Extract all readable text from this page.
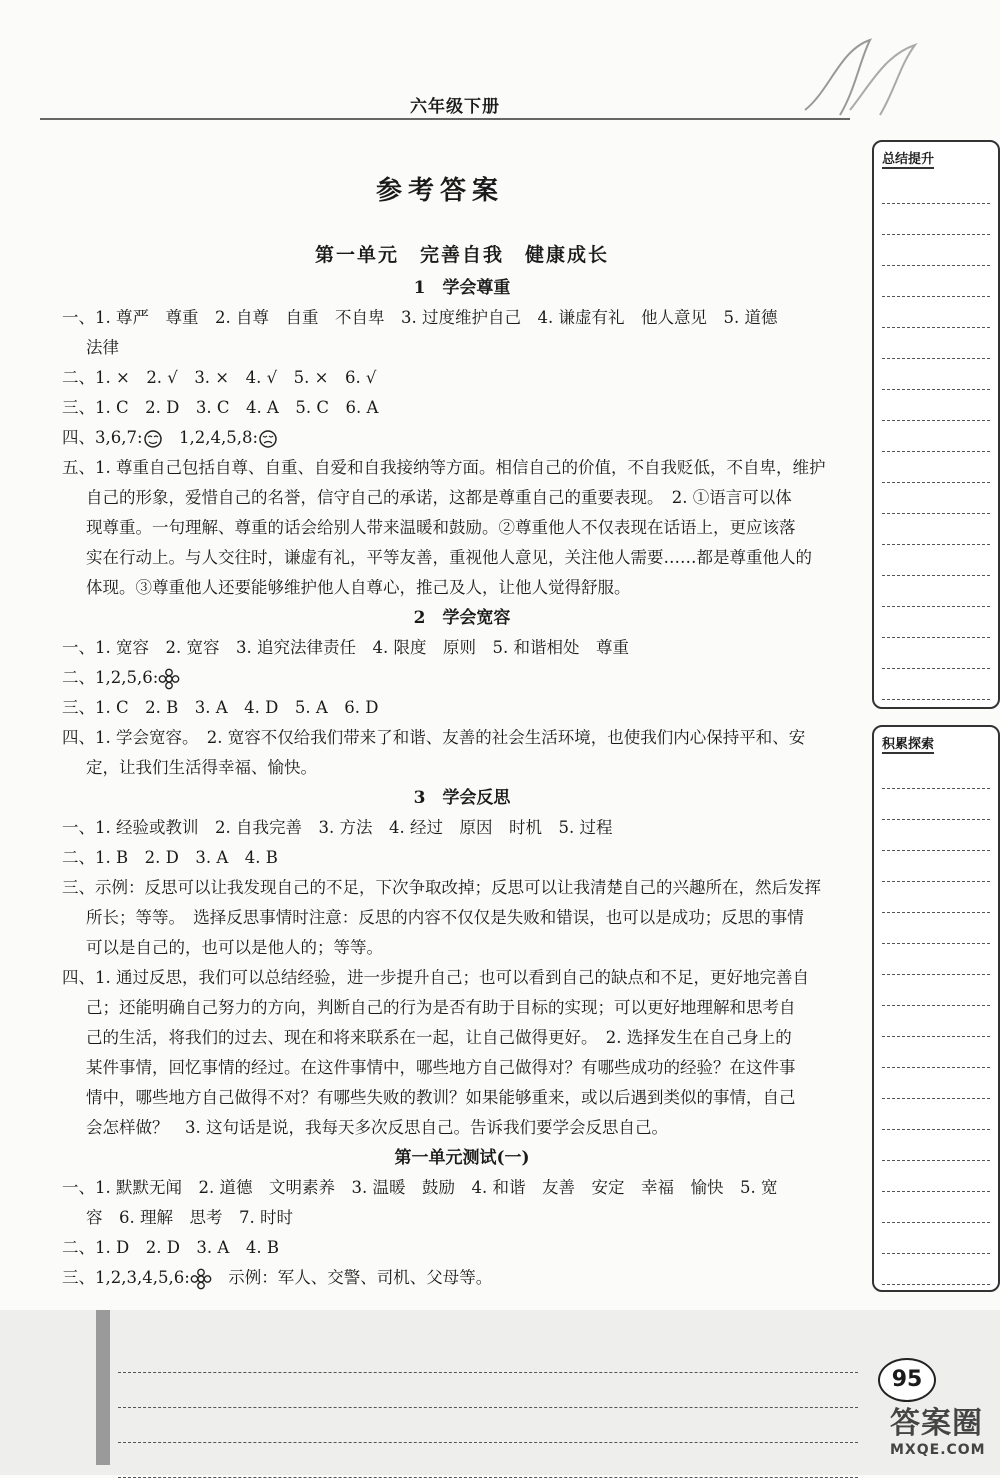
六年级下册
参考答案

第一单元　完善自我　健康成长

1　学会尊重

一、1. 尊严　尊重　2. 自尊　自重　不自卑　3. 过度维护自己　4. 谦虚有礼　他人意见　5. 道德

法律

二、1. ×　2. √　3. ×　4. √　5. ×　6. √

三、1. C　2. D　3. C　4. A　5. C　6. A

四、3,6,7:　1,2,4,5,8:

五、1. 尊重自己包括自尊、自重、自爱和自我接纳等方面。相信自己的价值，不自我贬低，不自卑，维护

自己的形象，爱惜自己的名誉，信守自己的承诺，这都是尊重自己的重要表现。　2. ①语言可以体

现尊重。一句理解、尊重的话会给别人带来温暖和鼓励。②尊重他人不仅表现在话语上，更应该落

实在行动上。与人交往时，谦虚有礼，平等友善，重视他人意见，关注他人需要……都是尊重他人的

体现。③尊重他人还要能够维护他人自尊心，推己及人，让他人觉得舒服。

2　学会宽容

一、1. 宽容　2. 宽容　3. 追究法律责任　4. 限度　原则　5. 和谐相处　尊重

二、1,2,5,6:

三、1. C　2. B　3. A　4. D　5. A　6. D

四、1. 学会宽容。　2. 宽容不仅给我们带来了和谐、友善的社会生活环境，也使我们内心保持平和、安

定，让我们生活得幸福、愉快。

3　学会反思

一、1. 经验或教训　2. 自我完善　3. 方法　4. 经过　原因　时机　5. 过程

二、1. B　2. D　3. A　4. B

三、示例：反思可以让我发现自己的不足，下次争取改掉；反思可以让我清楚自己的兴趣所在，然后发挥

所长；等等。　选择反思事情时注意：反思的内容不仅仅是失败和错误，也可以是成功；反思的事情

可以是自己的，也可以是他人的；等等。

四、1. 通过反思，我们可以总结经验，进一步提升自己；也可以看到自己的缺点和不足，更好地完善自

己；还能明确自己努力的方向，判断自己的行为是否有助于目标的实现；可以更好地理解和思考自

己的生活，将我们的过去、现在和将来联系在一起，让自己做得更好。　2. 选择发生在自己身上的

某件事情，回忆事情的经过。在这件事情中，哪些地方自己做得对？有哪些成功的经验？在这件事

情中，哪些地方自己做得不对？有哪些失败的教训？如果能够重来，或以后遇到类似的事情，自己

会怎样做？　3. 这句话是说，我每天多次反思自己。告诉我们要学会反思自己。

第一单元测试(一)

一、1. 默默无闻　2. 道德　文明素养　3. 温暖　鼓励　4. 和谐　友善　安定　幸福　愉快　5. 宽

容　6. 理解　思考　7. 时时

二、1. D　2. D　3. A　4. B

三、1,2,3,4,5,6:　示例：军人、交警、司机、父母等。

总结提升
积累探索
95
答案圈
MXQE.COM
